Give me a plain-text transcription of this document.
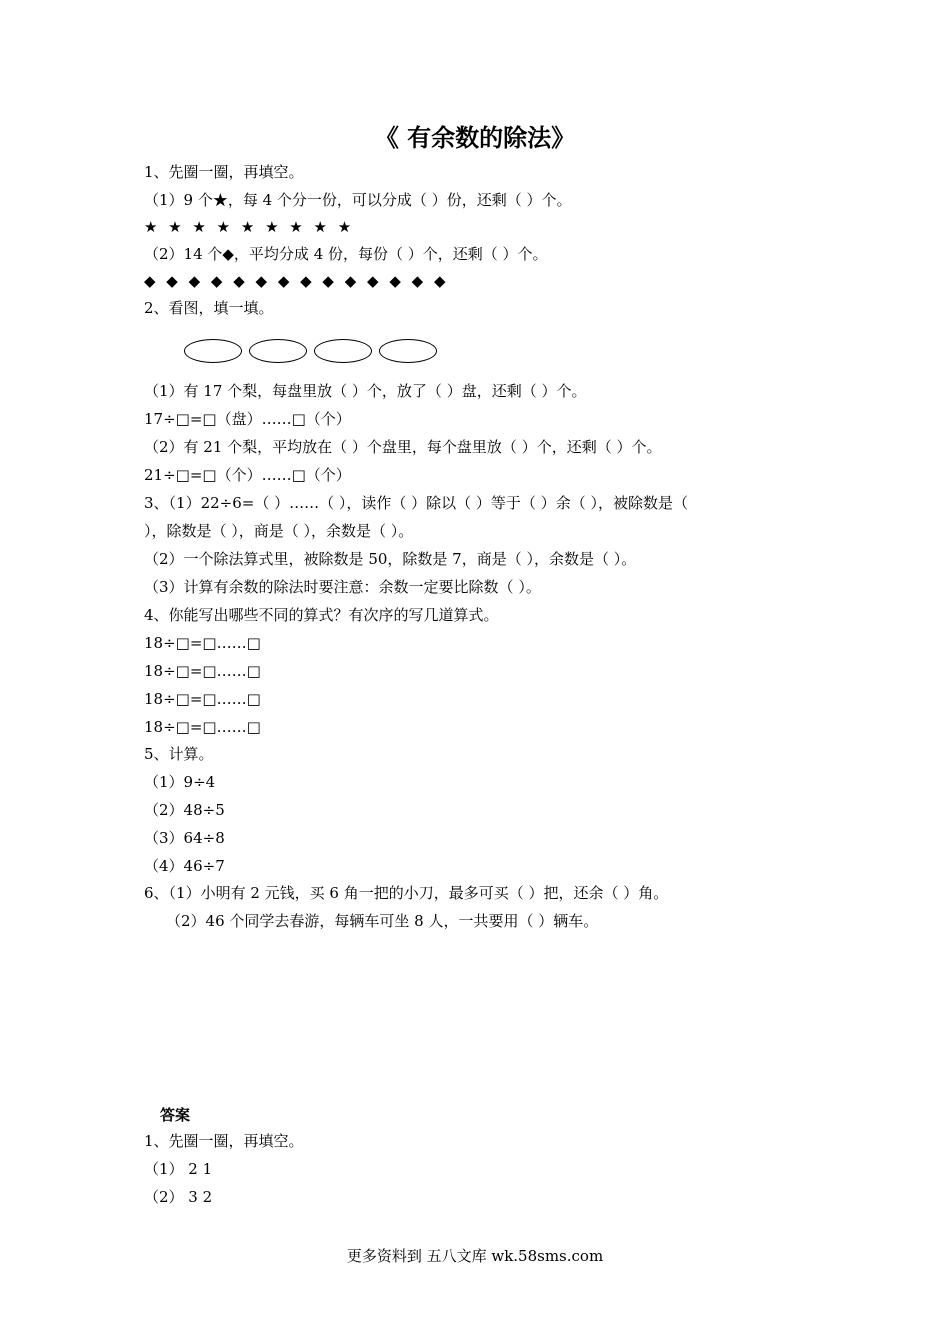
《 有余数的除法》
1、先圈一圈，再填空。
（1）9 个★，每 4 个分一份，可以分成（ ）份，还剩（ ）个。
★ ★ ★ ★ ★ ★ ★ ★ ★
（2）14 个◆，平均分成 4 份，每份（ ）个，还剩（ ）个。
◆ ◆ ◆ ◆ ◆ ◆ ◆ ◆ ◆ ◆ ◆ ◆ ◆ ◆
2、看图，填一填。
（1）有 17 个梨，每盘里放（ ）个，放了（ ）盘，还剩（ ）个。
17÷□=□（盘）……□（个）
（2）有 21 个梨，平均放在（ ）个盘里，每个盘里放（ ）个，还剩（ ）个。
21÷□=□（个）……□（个）
3、（1）22÷6=（ ）……（ ），读作（ ）除以（ ）等于（ ）余（ ），被除数是（
），除数是（ ），商是（ ），余数是（ ）。
（2）一个除法算式里，被除数是 50，除数是 7，商是（ ），余数是（ ）。
（3）计算有余数的除法时要注意：余数一定要比除数（ ）。
4、你能写出哪些不同的算式？有次序的写几道算式。
18÷□=□……□
18÷□=□……□
18÷□=□……□
18÷□=□……□
5、计算。
（1）9÷4
（2）48÷5
（3）64÷8
（4）46÷7
6、（1）小明有 2 元钱，买 6 角一把的小刀，最多可买（ ）把，还余（ ）角。
（2）46 个同学去春游，每辆车可坐 8 人，一共要用（ ）辆车。
答案
1、先圈一圈，再填空。
（1） 2 1
（2） 3 2
更多资料到 五八文库 wk.58sms.com
